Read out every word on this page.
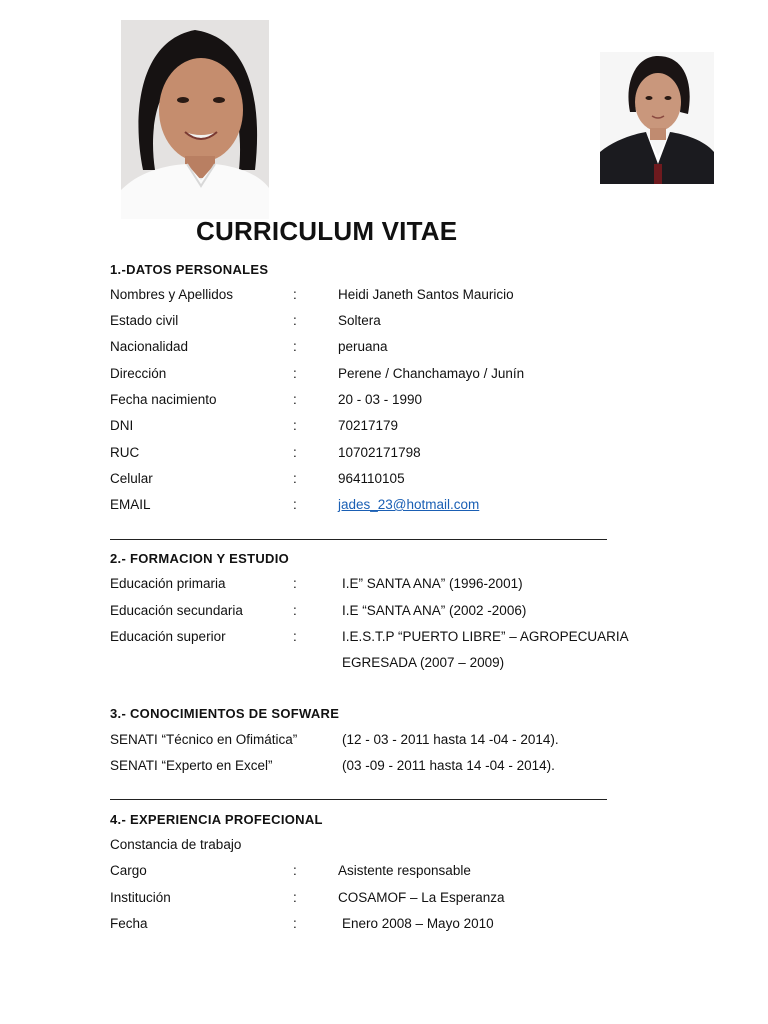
CURRICULUM VITAE
1.-DATOS PERSONALES
Nombres y Apellidos	:	Heidi Janeth Santos Mauricio
Estado civil	:	Soltera
Nacionalidad	:	peruana
Dirección	:	Perene / Chanchamayo / Junín
Fecha nacimiento	:	20 - 03 - 1990
DNI	:	70217179
RUC	:	10702171798
Celular	:	964110105
EMAIL	:	jades_23@hotmail.com
2.- FORMACION Y ESTUDIO
Educación primaria	:	I.E” SANTA ANA” (1996-2001)
Educación secundaria	:	I.E “SANTA ANA” (2002 -2006)
Educación superior	:	I.E.S.T.P “PUERTO LIBRE” – AGROPECUARIA
EGRESADA (2007 – 2009)
3.- CONOCIMIENTOS DE SOFWARE
SENATI “Técnico en Ofimática”	(12 - 03 - 2011 hasta 14 -04 - 2014).
SENATI “Experto en Excel”	(03 -09 - 2011 hasta 14 -04 - 2014).
4.- EXPERIENCIA PROFECIONAL
Constancia de trabajo
Cargo	:	Asistente responsable
Institución	:	COSAMOF – La Esperanza
Fecha	:	Enero 2008 – Mayo 2010
